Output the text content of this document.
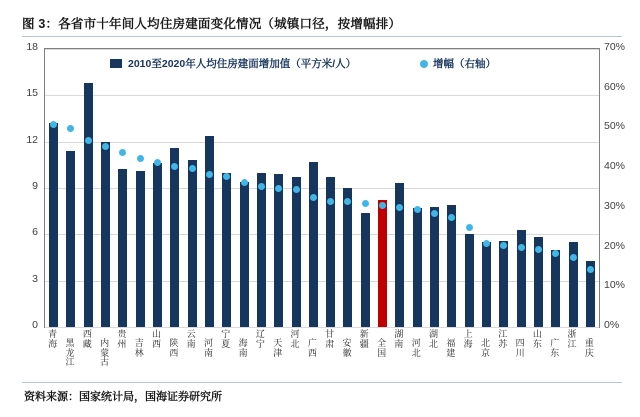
图 3：各省市十年间人均住房建面变化情况（城镇口径，按增幅排）
2010至2020年人均住房建面增加值（平方米/人）	增幅（右轴）
18
15
12
9
6
3
0
70%
60%
50%
40%
30%
20%
10%
0%
青海 黑龙江
西藏 内蒙古
贵州 吉林
山西 陕西
云南 河南
宁夏 海南
辽宁 天津
河北 广西
甘肃 安徽
新疆 全国
湖南 河北
湖北 福建
上海 北京
江苏 四川
山东 广东
浙江 重庆
资料来源：国家统计局，国海证券研究所
